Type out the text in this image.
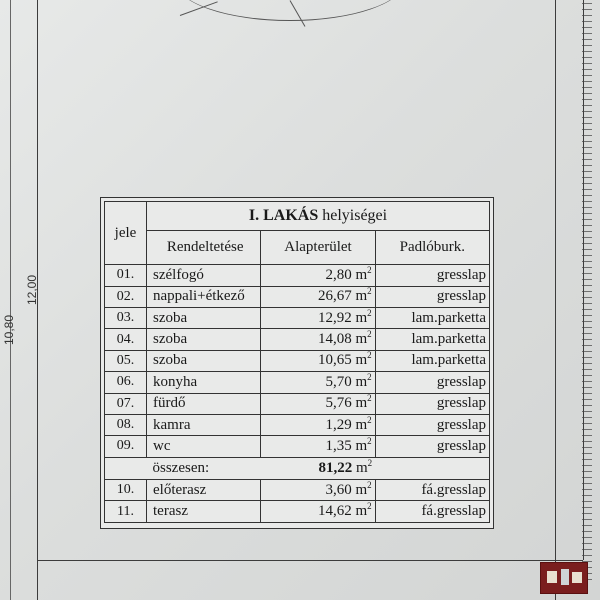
10,80
12,00
jele	I. LAKÁS helyiségei		
	Rendeltetése	Alapterület	Padlóburk.
01.	szélfogó	2,80 $m^2$	gresslap
02.	nappali+étkező	26,67 $m^2$	gresslap
03.	szoba	12,92 $m^2$	lam.parketta
04.	szoba	14,08 $m^2$	lam.parketta
05.	szoba	10,65 $m^2$	lam.parketta
06.	konyha	5,70 $m^2$	gresslap
07.	fürdő	5,76 $m^2$	gresslap
08.	kamra	1,29 $m^2$	gresslap
09.	wc	1,35 $m^2$	gresslap
	összesen:	81,22 $m^2$	
10.	előterasz	3,60 $m^2$	fá.gresslap
11.	terasz	14,62 $m^2$	fá.gresslap
